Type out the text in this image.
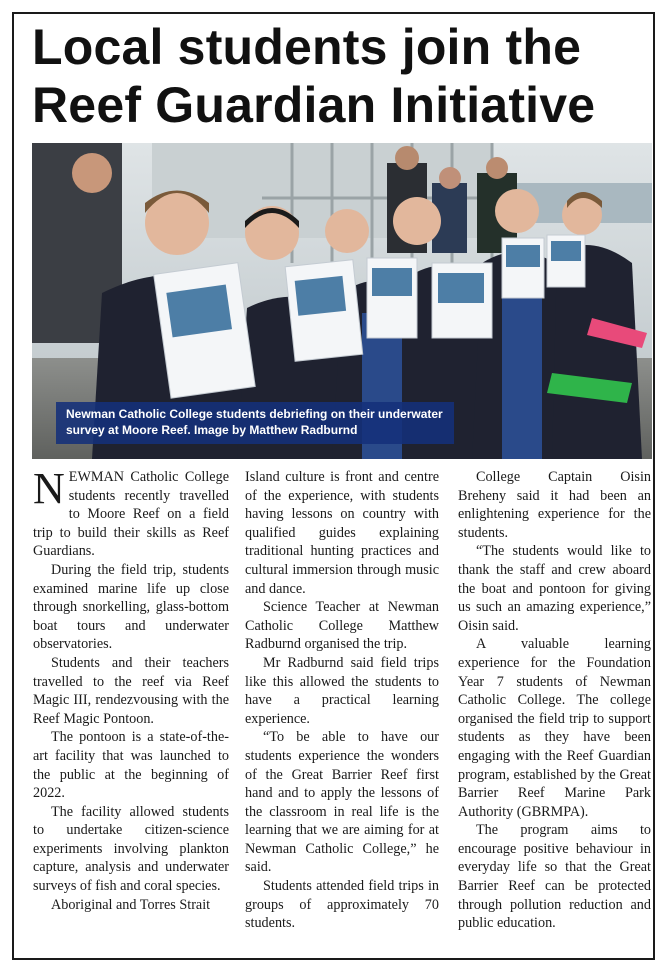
Local students join the Reef Guardian Initiative
Newman Catholic College students debriefing on their underwater survey at Moore Reef. Image by Matthew Radburnd

NEWMAN Catholic College students recently travelled to Moore Reef on a field trip to build their skills as Reef Guardians.

During the field trip, students examined marine life up close through snorkelling, glass-bottom boat tours and underwater observatories.

Students and their teachers travelled to the reef via Reef Magic III, rendezvousing with the Reef Magic Pontoon.

The pontoon is a state-of-the-art facility that was launched to the public at the beginning of 2022.

The facility allowed students to undertake citizen-science experiments involving plankton capture, analysis and underwater surveys of fish and coral species.

Aboriginal and Torres Strait

Island culture is front and centre of the experience, with students having lessons on country with qualified guides explaining traditional hunting practices and cultural immersion through music and dance.

Science Teacher at Newman Catholic College Matthew Radburnd organised the trip.

Mr Radburnd said field trips like this allowed the students to have a practical learning experience.

“To be able to have our students experience the wonders of the Great Barrier Reef first hand and to apply the lessons of the classroom in real life is the learning that we are aiming for at Newman Catholic College,” he said.

Students attended field trips in groups of approximately 70 students.

College Captain Oisin Breheny said it had been an enlightening experience for the students.

“The students would like to thank the staff and crew aboard the boat and pontoon for giving us such an amazing experience,” Oisin said.

A valuable learning experience for the Foundation Year 7 students of Newman Catholic College. The college organised the field trip to support students as they have been engaging with the Reef Guardian program, established by the Great Barrier Reef Marine Park Authority (GBRMPA).

The program aims to encourage positive behaviour in everyday life so that the Great Barrier Reef can be protected through pollution reduction and public education.
